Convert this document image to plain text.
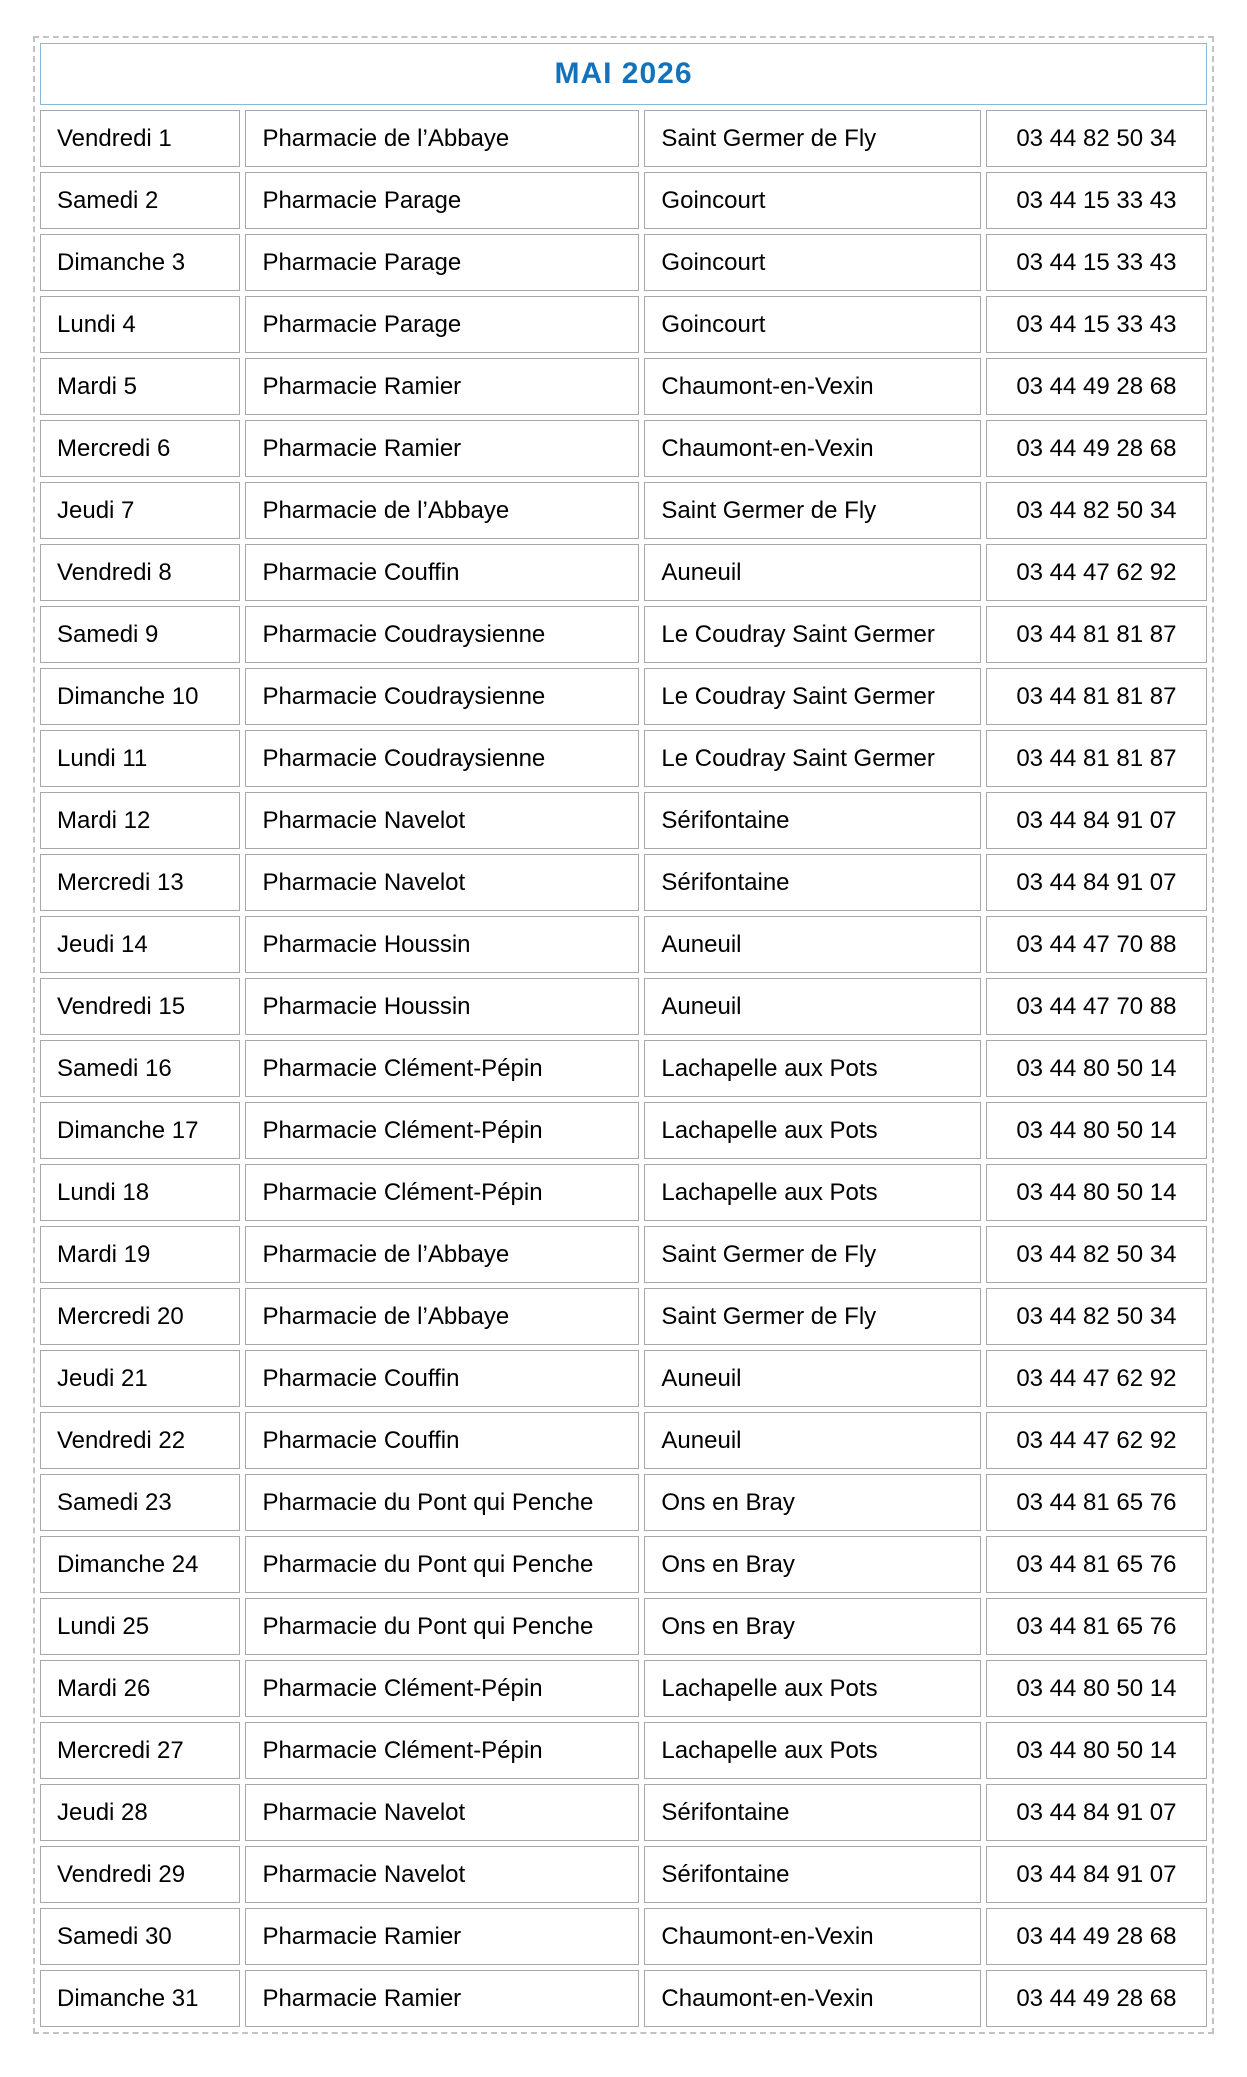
MAI 2026			
Vendredi 1	Pharmacie de l’Abbaye	Saint Germer de Fly	03 44 82 50 34
Samedi 2	Pharmacie Parage	Goincourt	03 44 15 33 43
Dimanche 3	Pharmacie Parage	Goincourt	03 44 15 33 43
Lundi 4	Pharmacie Parage	Goincourt	03 44 15 33 43
Mardi 5	Pharmacie Ramier	Chaumont-en-Vexin	03 44 49 28 68
Mercredi 6	Pharmacie Ramier	Chaumont-en-Vexin	03 44 49 28 68
Jeudi 7	Pharmacie de l’Abbaye	Saint Germer de Fly	03 44 82 50 34
Vendredi 8	Pharmacie Couffin	Auneuil	03 44 47 62 92
Samedi 9	Pharmacie Coudraysienne	Le Coudray Saint Germer	03 44 81 81 87
Dimanche 10	Pharmacie Coudraysienne	Le Coudray Saint Germer	03 44 81 81 87
Lundi 11	Pharmacie Coudraysienne	Le Coudray Saint Germer	03 44 81 81 87
Mardi 12	Pharmacie Navelot	Sérifontaine	03 44 84 91 07
Mercredi 13	Pharmacie Navelot	Sérifontaine	03 44 84 91 07
Jeudi 14	Pharmacie Houssin	Auneuil	03 44 47 70 88
Vendredi 15	Pharmacie Houssin	Auneuil	03 44 47 70 88
Samedi 16	Pharmacie Clément-Pépin	Lachapelle aux Pots	03 44 80 50 14
Dimanche 17	Pharmacie Clément-Pépin	Lachapelle aux Pots	03 44 80 50 14
Lundi 18	Pharmacie Clément-Pépin	Lachapelle aux Pots	03 44 80 50 14
Mardi 19	Pharmacie de l’Abbaye	Saint Germer de Fly	03 44 82 50 34
Mercredi 20	Pharmacie de l’Abbaye	Saint Germer de Fly	03 44 82 50 34
Jeudi 21	Pharmacie Couffin	Auneuil	03 44 47 62 92
Vendredi 22	Pharmacie Couffin	Auneuil	03 44 47 62 92
Samedi 23	Pharmacie du Pont qui Penche	Ons en Bray	03 44 81 65 76
Dimanche 24	Pharmacie du Pont qui Penche	Ons en Bray	03 44 81 65 76
Lundi 25	Pharmacie du Pont qui Penche	Ons en Bray	03 44 81 65 76
Mardi 26	Pharmacie Clément-Pépin	Lachapelle aux Pots	03 44 80 50 14
Mercredi 27	Pharmacie Clément-Pépin	Lachapelle aux Pots	03 44 80 50 14
Jeudi 28	Pharmacie Navelot	Sérifontaine	03 44 84 91 07
Vendredi 29	Pharmacie Navelot	Sérifontaine	03 44 84 91 07
Samedi 30	Pharmacie Ramier	Chaumont-en-Vexin	03 44 49 28 68
Dimanche 31	Pharmacie Ramier	Chaumont-en-Vexin	03 44 49 28 68
